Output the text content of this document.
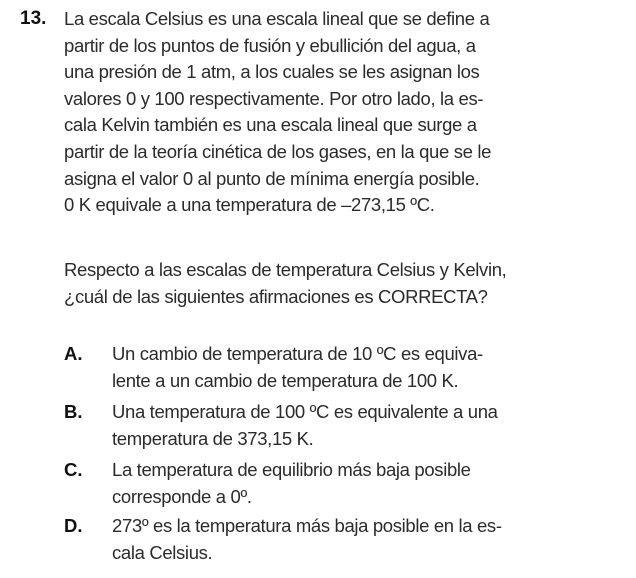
13. La escala Celsius es una escala lineal que se define a
partir de los puntos de fusión y ebullición del agua, a
una presión de 1 atm, a los cuales se les asignan los
valores 0 y 100 respectivamente. Por otro lado, la es-
cala Kelvin también es una escala lineal que surge a
partir de la teoría cinética de los gases, en la que se le
asigna el valor 0 al punto de mínima energía posible.
0 K equivale a una temperatura de –273,15 ºC.
Respecto a las escalas de temperatura Celsius y Kelvin,
¿cuál de las siguientes afirmaciones es CORRECTA?
A. Un cambio de temperatura de 10 ºC es equiva-
lente a un cambio de temperatura de 100 K.
B. Una temperatura de 100 ºC es equivalente a una
temperatura de 373,15 K.
C. La temperatura de equilibrio más baja posible
corresponde a 0º.
D. 273º es la temperatura más baja posible en la es-
cala Celsius.
